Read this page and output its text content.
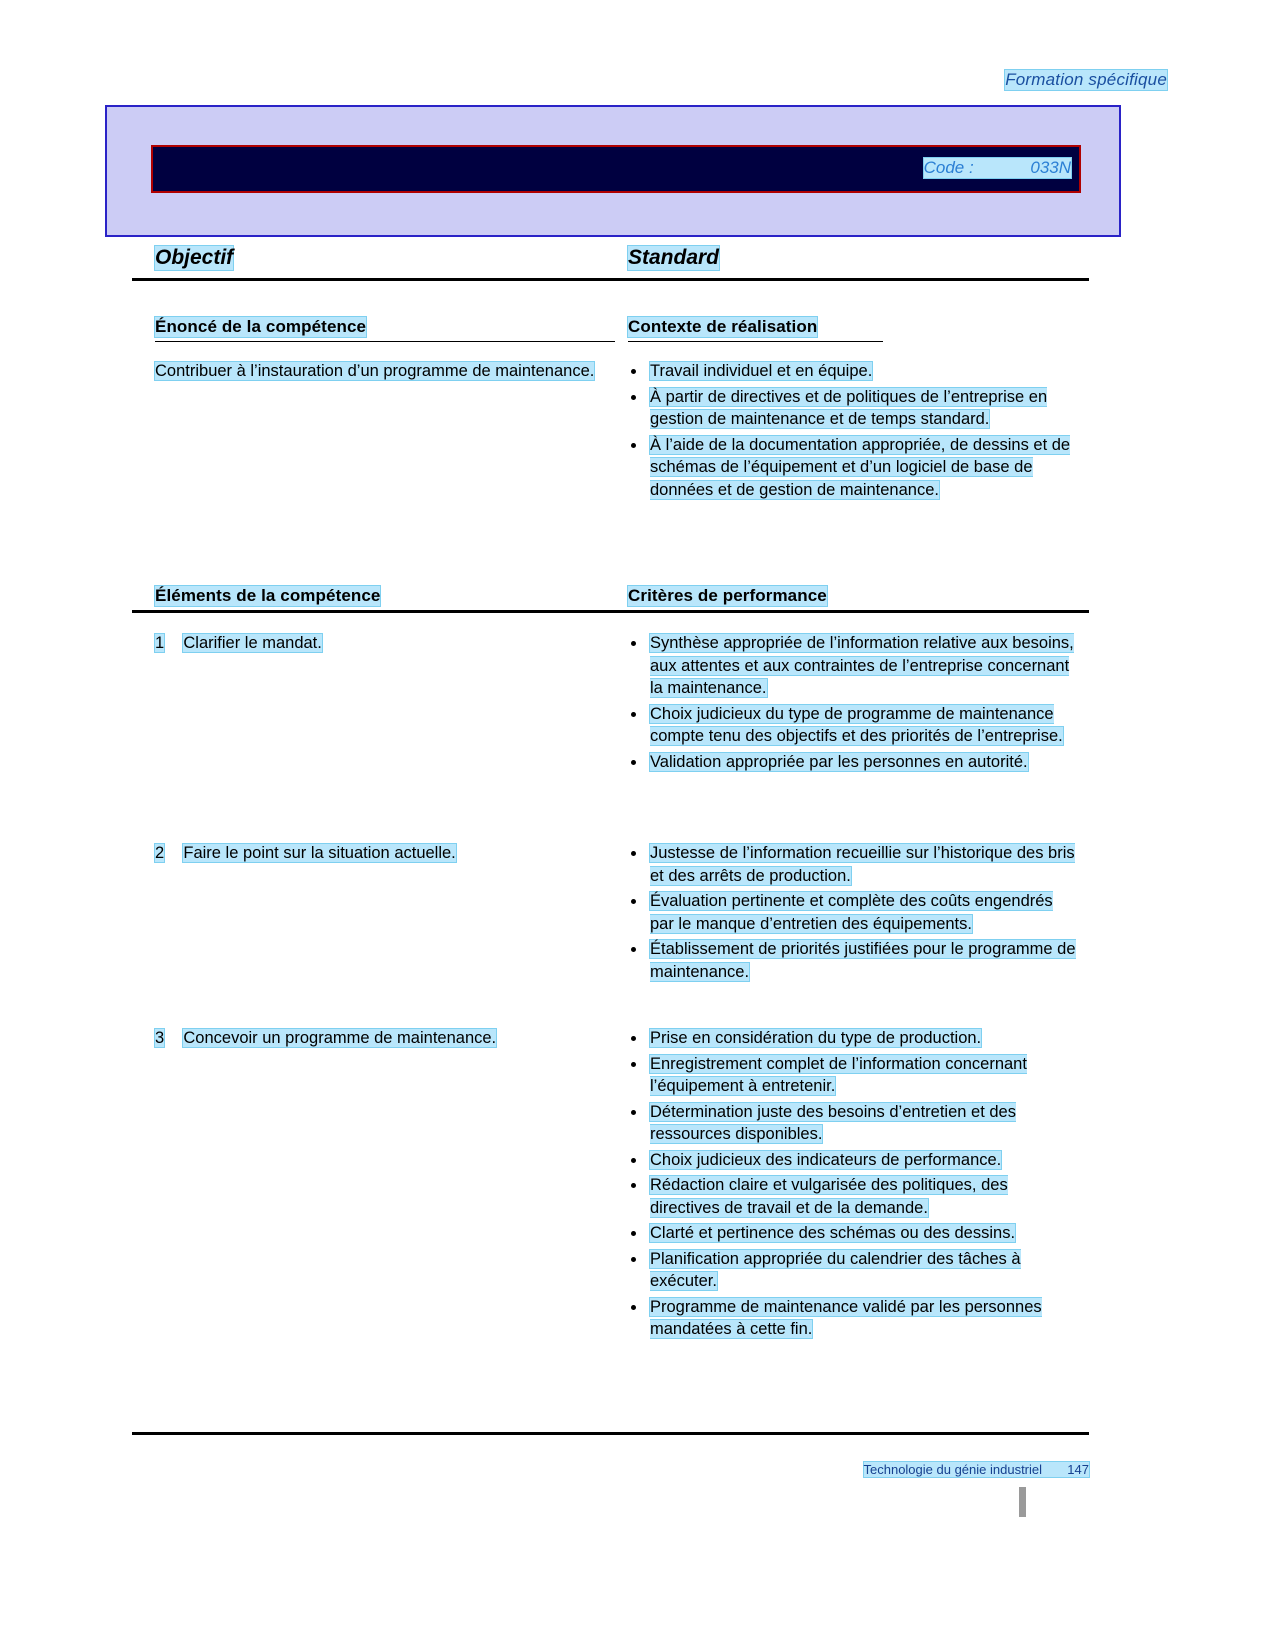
Formation spécifique
Code :            033N
Objectif	Standard
Énoncé de la compétence	Contexte de réalisation
Contribuer à l’instauration d’un programme de maintenance.	Travail individuel et en équipe.
À partir de directives et de politiques de l’entreprise en gestion de maintenance et de temps standard.
À l’aide de la documentation appropriée, de dessins et de schémas de l’équipement et d’un logiciel de base de données et de gestion de maintenance.
Éléments de la compétence	Critères de performance
1 Clarifier le mandat.	Synthèse appropriée de l’information relative aux besoins, aux attentes et aux contraintes de l’entreprise concernant la maintenance.
Choix judicieux du type de programme de maintenance compte tenu des objectifs et des priorités de l’entreprise.
Validation appropriée par les personnes en autorité.
2 Faire le point sur la situation actuelle.	Justesse de l’information recueillie sur l’historique des bris et des arrêts de production.
Évaluation pertinente et complète des coûts engendrés par le manque d’entretien des équipements.
Établissement de priorités justifiées pour le programme de maintenance.
3 Concevoir un programme de maintenance.	Prise en considération du type de production.
Enregistrement complet de l’information concernant l’équipement à entretenir.
Détermination juste des besoins d’entretien et des ressources disponibles.
Choix judicieux des indicateurs de performance.
Rédaction claire et vulgarisée des politiques, des directives de travail et de la demande.
Clarté et pertinence des schémas ou des dessins.
Planification appropriée du calendrier des tâches à exécuter.
Programme de maintenance validé par les personnes mandatées à cette fin.
Technologie du génie industriel       147
